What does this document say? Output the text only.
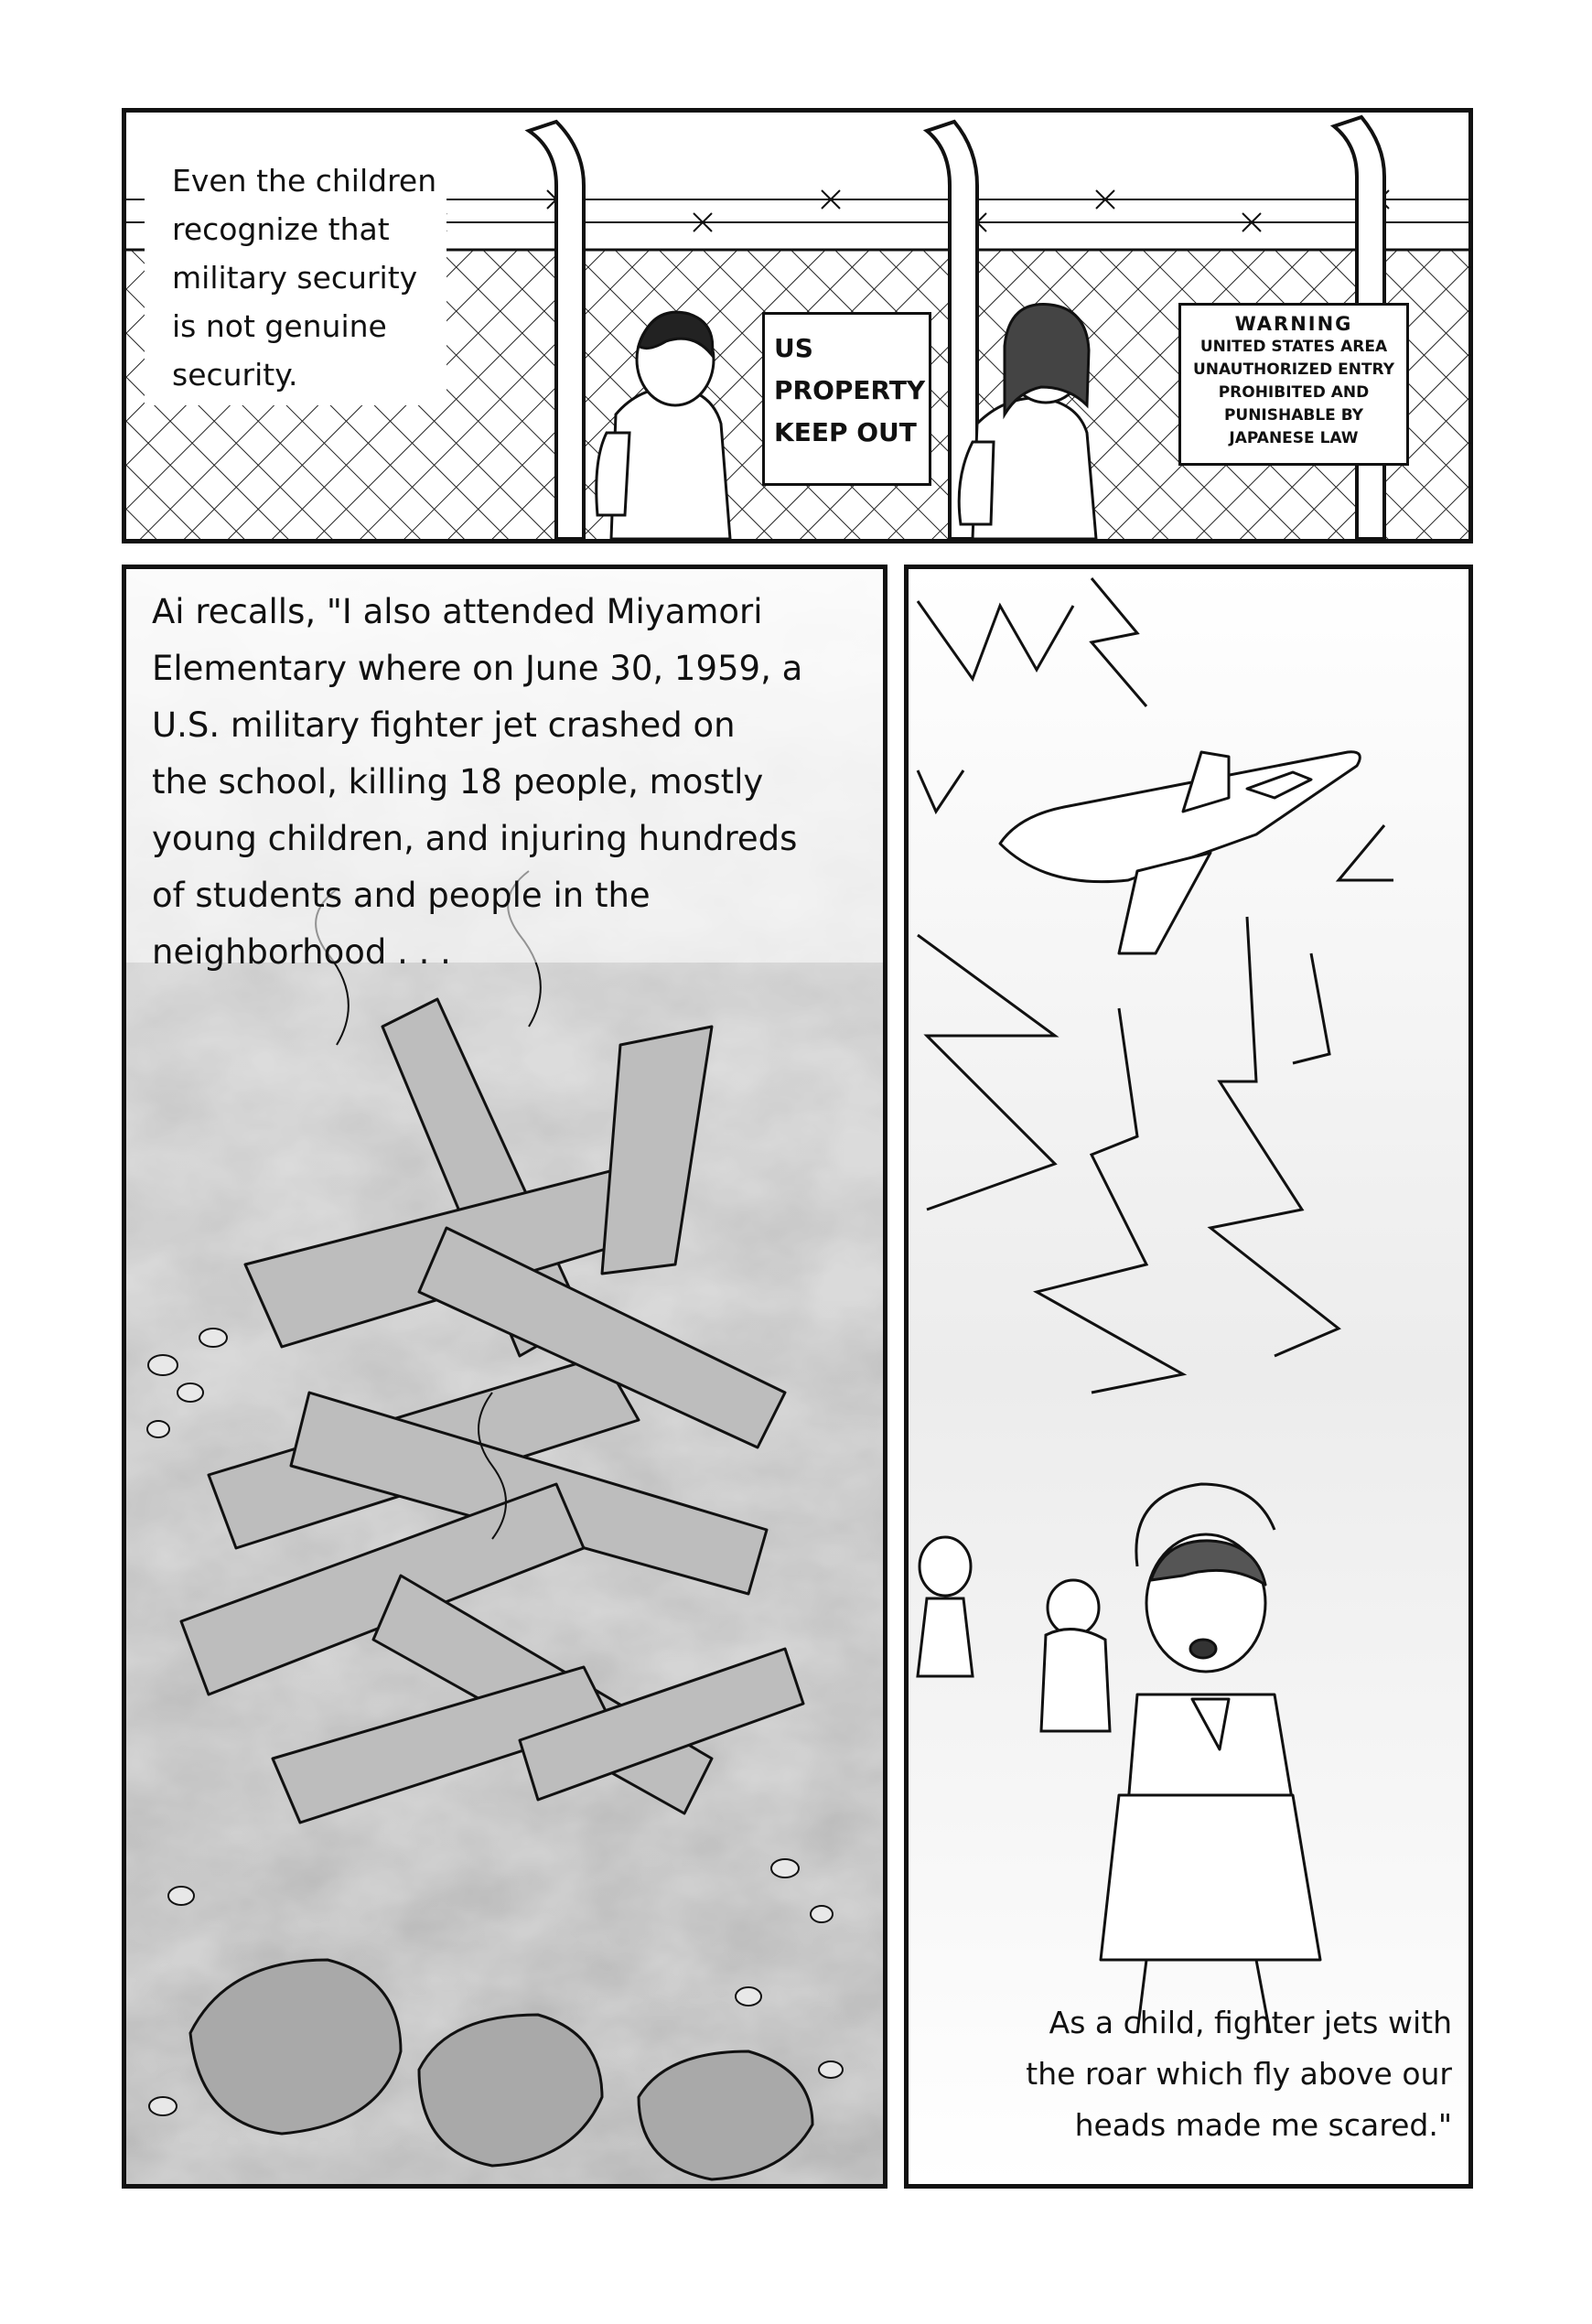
Even the children
recognize that
military security
is not genuine
security.
US
PROPERTY
KEEP OUT
WARNING
UNITED STATES AREA
UNAUTHORIZED ENTRY
PROHIBITED AND
PUNISHABLE BY
JAPANESE LAW
Ai recalls, "I also attended Miyamori
Elementary where on June 30, 1959, a
U.S. military fighter jet crashed on
the school, killing 18 people, mostly
young children, and injuring hundreds
of students and people in the
neighborhood . . .
As a child, fighter jets with
the roar which fly above our
heads made me scared."
